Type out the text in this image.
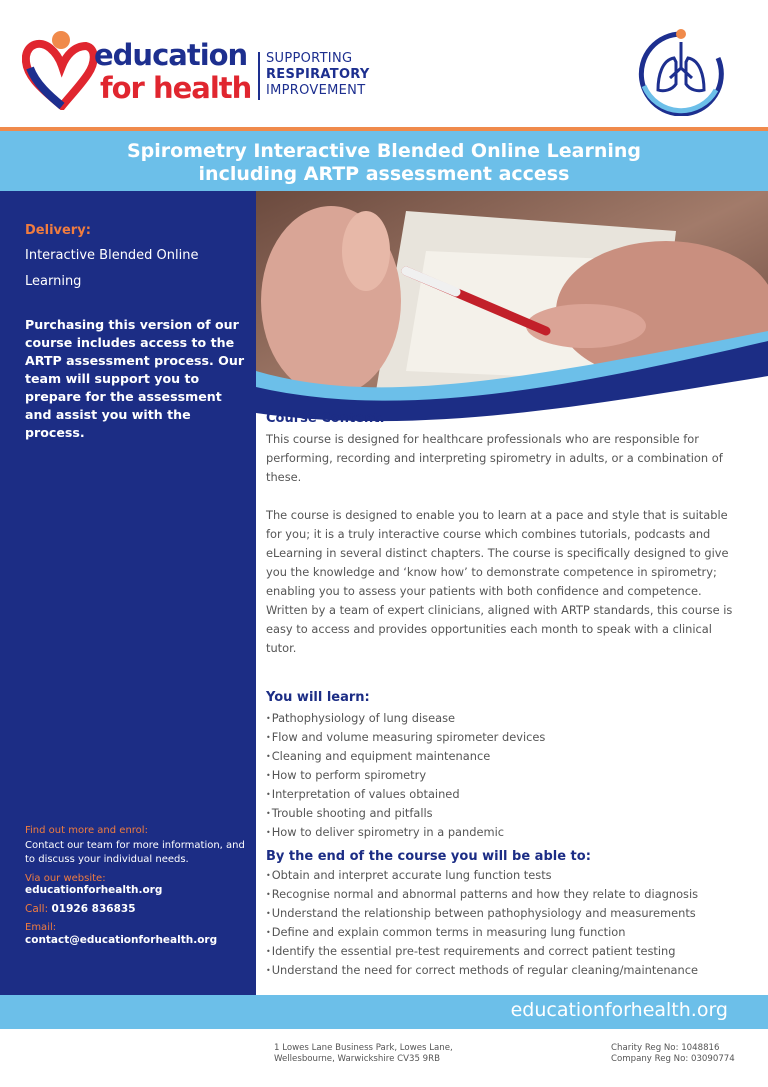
education
for health
SUPPORTING
RESPIRATORY
IMPROVEMENT
Spirometry Interactive Blended Online Learning
including ARTP assessment access
Delivery:
Interactive Blended Online Learning
Purchasing this version of our course includes access to the ARTP assessment process. Our team will support you to prepare for the assessment and assist you with the process.
Find out more and enrol:
Contact our team for more information, and to discuss your individual needs.
Via our website:
educationforhealth.org
Call: 01926 836835
Email:
contact@educationforhealth.org
Course Content:
This course is designed for healthcare professionals who are responsible for performing, recording and interpreting spirometry in adults, or a combination of these.
The course is designed to enable you to learn at a pace and style that is suitable for you; it is a truly interactive course which combines tutorials, podcasts and eLearning in several distinct chapters. The course is specifically designed to give you the knowledge and ‘know how’ to demonstrate competence in spirometry; enabling you to assess your patients with both confidence and competence. Written by a team of expert clinicians, aligned with ARTP standards, this course is easy to access and provides opportunities each month to speak with a clinical tutor.
You will learn:
• Pathophysiology of lung disease
• Flow and volume measuring spirometer devices
• Cleaning and equipment maintenance
• How to perform spirometry
• Interpretation of values obtained
• Trouble shooting and pitfalls
• How to deliver spirometry in a pandemic
By the end of the course you will be able to:
• Obtain and interpret accurate lung function tests
• Recognise normal and abnormal patterns and how they relate to diagnosis
• Understand the relationship between pathophysiology and measurements
• Define and explain common terms in measuring lung function
• Identify the essential pre-test requirements and correct patient testing
• Understand the need for correct methods of regular cleaning/maintenance
educationforhealth.org
1 Lowes Lane Business Park, Lowes Lane,
Wellesbourne, Warwickshire CV35 9RB
Charity Reg No: 1048816
Company Reg No: 03090774
